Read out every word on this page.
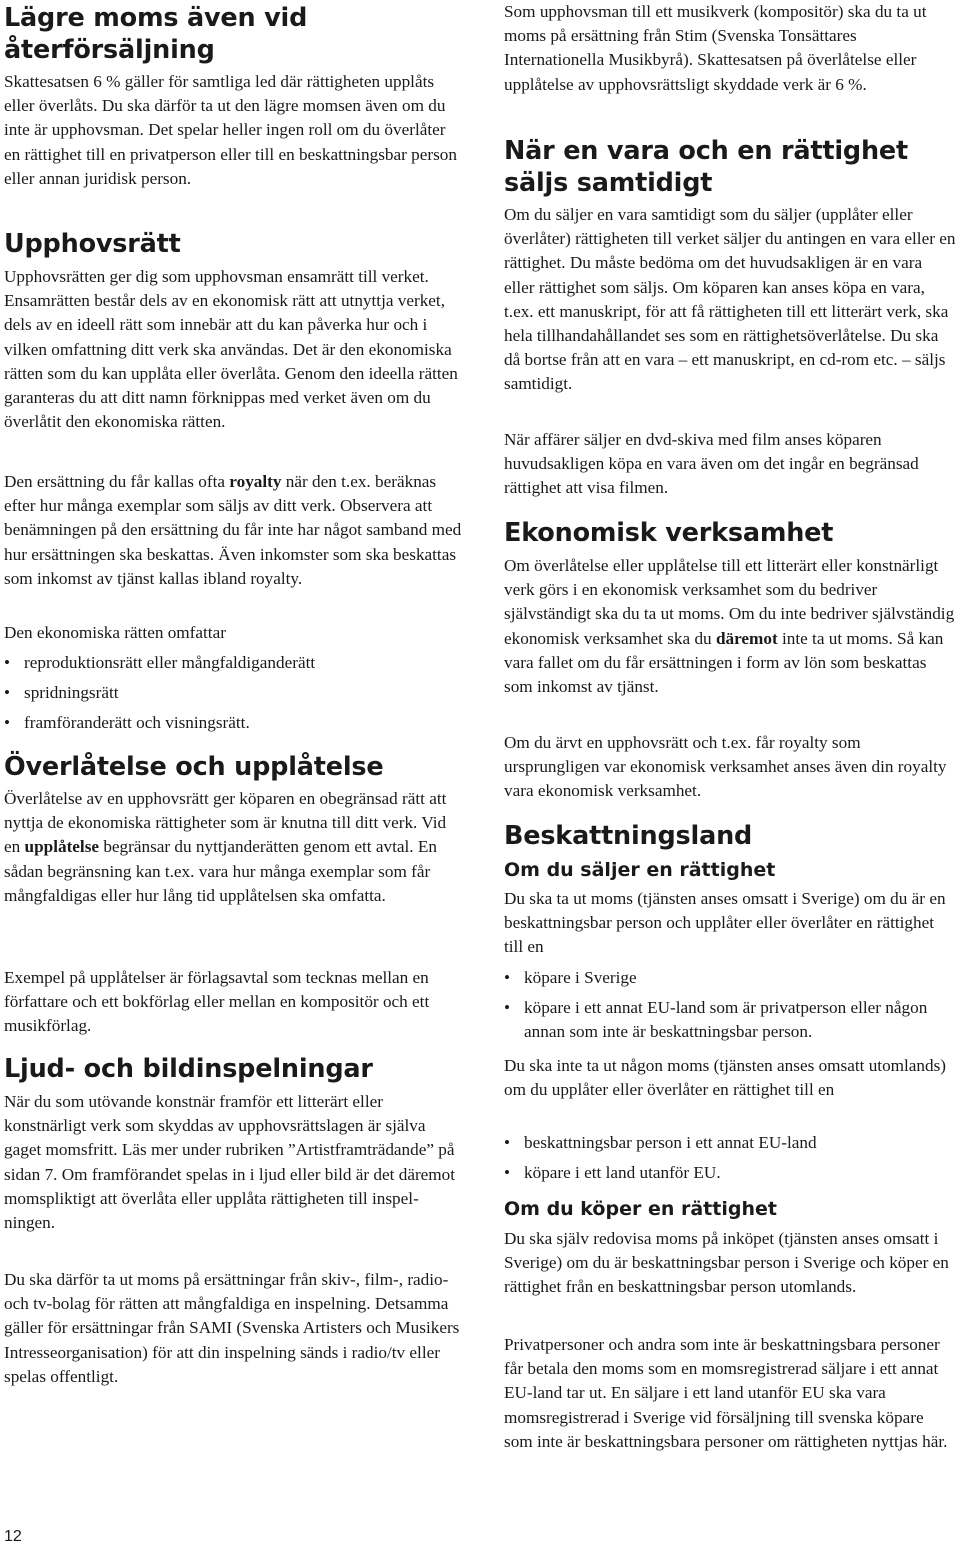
Lägre moms även vid återförsäljning

Skattesatsen 6 % gäller för samtliga led där rättigheten upplåts eller överlåts. Du ska därför ta ut den lägre momsen även om du inte är upphovsman. Det spelar heller ingen roll om du överlåter en rättighet till en privatperson eller till en beskattningsbar person eller annan juridisk person.

Upphovsrätt

Upphovsrätten ger dig som upphovsman ensamrätt till verket. Ensamrätten består dels av en ekonomisk rätt att utnyttja verket, dels av en ideell rätt som innebär att du kan påverka hur och i vilken omfattning ditt verk ska användas. Det är den ekonomiska rätten som du kan upplåta eller överlåta. Genom den ideella rätten garanteras du att ditt namn förknippas med verket även om du överlåtit den ekonomiska rätten.

Den ersättning du får kallas ofta royalty när den t.ex. beräknas efter hur många exemplar som säljs av ditt verk. Observera att benämningen på den ersättning du får inte har något samband med hur ersättningen ska beskattas. Även inkomster som ska beskattas som inkomst av tjänst kallas ibland royalty.

Den ekonomiska rätten omfattar

• reproduktionsrätt eller mångfaldiganderätt
• spridningsrätt
• framföranderätt och visningsrätt.
Överlåtelse och upplåtelse

Överlåtelse av en upphovsrätt ger köparen en obegränsad rätt att nyttja de ekonomiska rättigheter som är knutna till ditt verk. Vid en upplåtelse begränsar du nyttjanderätten genom ett avtal. En sådan begränsning kan t.ex. vara hur många exemplar som får mångfaldigas eller hur lång tid upplåtelsen ska omfatta.

Exempel på upplåtelser är förlagsavtal som tecknas mellan en författare och ett bokförlag eller mellan en kompositör och ett musikförlag.

Ljud- och bildinspelningar

När du som utövande konstnär framför ett litterärt eller konstnärligt verk som skyddas av upphovsrättslagen är själva gaget momsfritt. Läs mer under rubriken ”Artistframträdande” på sidan 7. Om framförandet spelas in i ljud eller bild är det däremot momspliktigt att överlåta eller upplåta rättigheten till inspelningen.

Du ska därför ta ut moms på ersättningar från skiv-, film-, radio- och tv-bolag för rätten att mångfaldiga en inspelning. Detsamma gäller för ersättningar från SAMI (Svenska Artisters och Musikers Intresseorganisation) för att din inspelning sänds i radio/tv eller spelas offentligt.

Som upphovsman till ett musikverk (kompositör) ska du ta ut moms på ersättning från Stim (Svenska Tonsättares Internationella Musikbyrå). Skattesatsen på överlåtelse eller upplåtelse av upphovsrättsligt skyddade verk är 6 %.

När en vara och en rättighet säljs samtidigt

Om du säljer en vara samtidigt som du säljer (upplåter eller överlåter) rättigheten till verket säljer du antingen en vara eller en rättighet. Du måste bedöma om det huvudsakligen är en vara eller rättighet som säljs. Om köparen kan anses köpa en vara, t.ex. ett manuskript, för att få rättigheten till ett litterärt verk, ska hela tillhandahållandet ses som en rättighetsöverlåtelse. Du ska då bortse från att en vara – ett manuskript, en cd-rom etc. – säljs samtidigt.

När affärer säljer en dvd-skiva med film anses köparen huvudsakligen köpa en vara även om det ingår en begränsad rättighet att visa filmen.

Ekonomisk verksamhet

Om överlåtelse eller upplåtelse till ett litterärt eller konstnärligt verk görs i en ekonomisk verksamhet som du bedriver självständigt ska du ta ut moms. Om du inte bedriver självständig ekonomisk verksamhet ska du däremot inte ta ut moms. Så kan vara fallet om du får ersättningen i form av lön som beskattas som inkomst av tjänst.

Om du ärvt en upphovsrätt och t.ex. får royalty som ursprungligen var ekonomisk verksamhet anses även din royalty vara ekonomisk verksamhet.

Beskattningsland
Om du säljer en rättighet

Du ska ta ut moms (tjänsten anses omsatt i Sverige) om du är en beskattningsbar person och upplåter eller överlåter en rättighet till en

• köpare i Sverige
• köpare i ett annat EU-land som är privatperson eller någon annan som inte är beskattningsbar person.

Du ska inte ta ut någon moms (tjänsten anses omsatt utomlands) om du upplåter eller överlåter en rättighet till en

• beskattningsbar person i ett annat EU-land
• köpare i ett land utanför EU.
Om du köper en rättighet

Du ska själv redovisa moms på inköpet (tjänsten anses omsatt i Sverige) om du är beskattningsbar person i Sverige och köper en rättighet från en beskattningsbar person utomlands.

Privatpersoner och andra som inte är beskattningsbara personer får betala den moms som en momsregistrerad säljare i ett annat EU-land tar ut. En säljare i ett land utanför EU ska vara momsregistrerad i Sverige vid försäljning till svenska köpare som inte är beskattningsbara personer om rättigheten nyttjas här.

12
